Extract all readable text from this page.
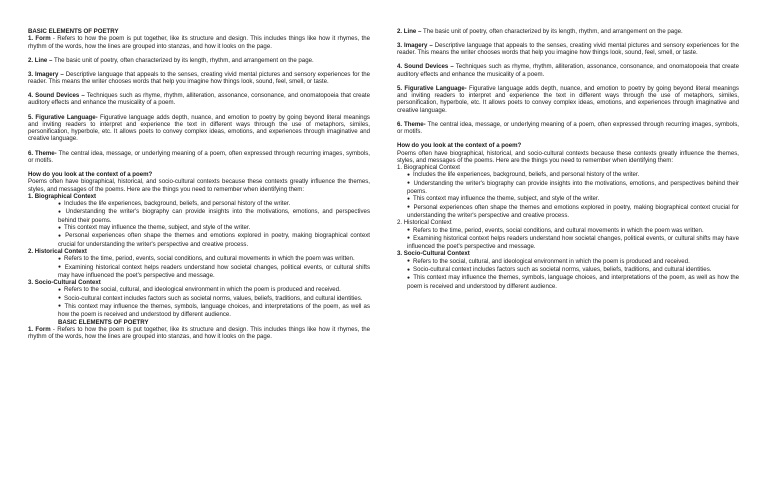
BASIC ELEMENTS OF POETRY

1. Form - Refers to how the poem is put together, like its structure and design. This includes things like how it rhymes, the rhythm of the words, how the lines are grouped into stanzas, and how it looks on the page.

2. Line – The basic unit of poetry, often characterized by its length, rhythm, and arrangement on the page.

3. Imagery – Descriptive language that appeals to the senses, creating vivid mental pictures and sensory experiences for the reader. This means the writer chooses words that help you imagine how things look, sound, feel, smell, or taste.

4. Sound Devices – Techniques such as rhyme, rhythm, alliteration, assonance, consonance, and onomatopoeia that create auditory effects and enhance the musicality of a poem.

5. Figurative Language- Figurative language adds depth, nuance, and emotion to poetry by going beyond literal meanings and inviting readers to interpret and experience the text in different ways through the use of metaphors, similes, personification, hyperbole, etc. It allows poets to convey complex ideas, emotions, and experiences through imaginative and creative language.

6. Theme- The central idea, message, or underlying meaning of a poem, often expressed through recurring images, symbols, or motifs.

How do you look at the context of a poem?

Poems often have biographical, historical, and socio-cultural contexts because these contexts greatly influence the themes, styles, and messages of the poems. Here are the things you need to remember when identifying them:

1. Biographical Context
● Includes the life experiences, background, beliefs, and personal history of the writer.
● Understanding the writer's biography can provide insights into the motivations, emotions, and perspectives behind their poems.
● This context may influence the theme, subject, and style of the writer.
● Personal experiences often shape the themes and emotions explored in poetry, making biographical context crucial for understanding the writer's perspective and creative process.
2. Historical Context
● Refers to the time, period, events, social conditions, and cultural movements in which the poem was written.
● Examining historical context helps readers understand how societal changes, political events, or cultural shifts may have influenced the poet's perspective and message.
3. Socio-Cultural Context
● Refers to the social, cultural, and ideological environment in which the poem is produced and received.
● Socio-cultural context includes factors such as societal norms, values, beliefs, traditions, and cultural identities.
● This context may influence the themes, symbols, language choices, and interpretations of the poem, as well as how the poem is received and understood by different audience.
BASIC ELEMENTS OF POETRY

1. Form - Refers to how the poem is put together, like its structure and design. This includes things like how it rhymes, the rhythm of the words, how the lines are grouped into stanzas, and how it looks on the page.

2. Line – The basic unit of poetry, often characterized by its length, rhythm, and arrangement on the page.

3. Imagery – Descriptive language that appeals to the senses, creating vivid mental pictures and sensory experiences for the reader. This means the writer chooses words that help you imagine how things look, sound, feel, smell, or taste.

4. Sound Devices – Techniques such as rhyme, rhythm, alliteration, assonance, consonance, and onomatopoeia that create auditory effects and enhance the musicality of a poem.

5. Figurative Language- Figurative language adds depth, nuance, and emotion to poetry by going beyond literal meanings and inviting readers to interpret and experience the text in different ways through the use of metaphors, similes, personification, hyperbole, etc. It allows poets to convey complex ideas, emotions, and experiences through imaginative and creative language.

6. Theme- The central idea, message, or underlying meaning of a poem, often expressed through recurring images, symbols, or motifs.

How do you look at the context of a poem?

Poems often have biographical, historical, and socio-cultural contexts because these contexts greatly influence the themes, styles, and messages of the poems. Here are the things you need to remember when identifying them:

1. Biographical Context
● Includes the life experiences, background, beliefs, and personal history of the writer.
● Understanding the writer's biography can provide insights into the motivations, emotions, and perspectives behind their poems.
● This context may influence the theme, subject, and style of the writer.
● Personal experiences often shape the themes and emotions explored in poetry, making biographical context crucial for understanding the writer's perspective and creative process.
2. Historical Context
● Refers to the time, period, events, social conditions, and cultural movements in which the poem was written.
● Examining historical context helps readers understand how societal changes, political events, or cultural shifts may have influenced the poet's perspective and message.
3. Socio-Cultural Context
● Refers to the social, cultural, and ideological environment in which the poem is produced and received.
● Socio-cultural context includes factors such as societal norms, values, beliefs, traditions, and cultural identities.
● This context may influence the themes, symbols, language choices, and interpretations of the poem, as well as how the poem is received and understood by different audience.
